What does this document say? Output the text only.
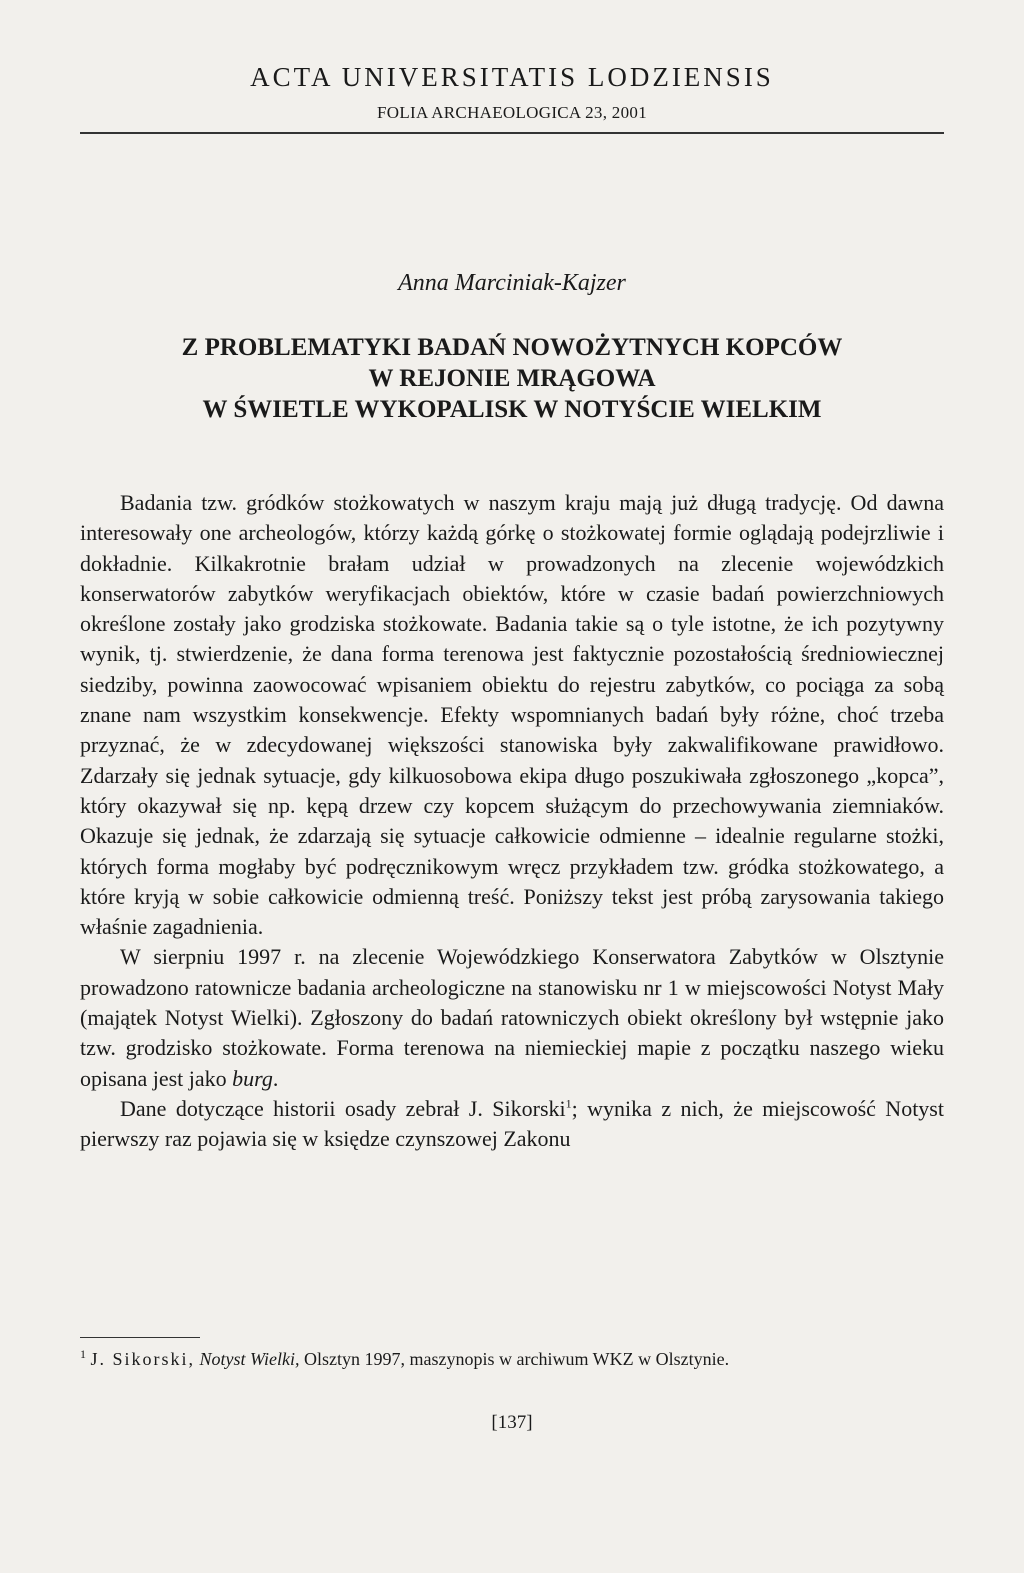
ACTA UNIVERSITATIS LODZIENSIS
FOLIA ARCHAEOLOGICA 23, 2001
Anna Marciniak-Kajzer
Z PROBLEMATYKI BADAŃ NOWOŻYTNYCH KOPCÓW
W REJONIE MRĄGOWA
W ŚWIETLE WYKOPALISK W NOTYŚCIE WIELKIM

Badania tzw. gródków stożkowatych w naszym kraju mają już długą tradycję. Od dawna interesowały one archeologów, którzy każdą górkę o stożkowatej formie oglądają podejrzliwie i dokładnie. Kilkakrotnie brałam udział w prowadzonych na zlecenie wojewódzkich konserwatorów zabytków weryfikacjach obiektów, które w czasie badań powierzchniowych określone zostały jako grodziska stożkowate. Badania takie są o tyle istotne, że ich pozytywny wynik, tj. stwierdzenie, że dana forma terenowa jest faktycznie pozostałością średniowiecznej siedziby, powinna zaowocować wpisaniem obiektu do rejestru zabytków, co pociąga za sobą znane nam wszystkim konsekwencje. Efekty wspomnianych badań były różne, choć trzeba przyznać, że w zdecydowanej większości stanowiska były zakwalifikowane prawidłowo. Zdarzały się jednak sytuacje, gdy kilkuosobowa ekipa długo poszukiwała zgłoszonego „kopca”, który okazywał się np. kępą drzew czy kopcem służącym do przechowywania ziemniaków. Okazuje się jednak, że zdarzają się sytuacje całkowicie odmienne – idealnie regularne stożki, których forma mogłaby być podręcznikowym wręcz przykładem tzw. gródka stożkowatego, a które kryją w sobie całkowicie odmienną treść. Poniższy tekst jest próbą zarysowania takiego właśnie zagadnienia.

W sierpniu 1997 r. na zlecenie Wojewódzkiego Konserwatora Zabytków w Olsztynie prowadzono ratownicze badania archeologiczne na stanowisku nr 1 w miejscowości Notyst Mały (majątek Notyst Wielki). Zgłoszony do badań ratowniczych obiekt określony był wstępnie jako tzw. grodzisko stożkowate. Forma terenowa na niemieckiej mapie z początku naszego wieku opisana jest jako burg.

Dane dotyczące historii osady zebrał J. Sikorski$^1$; wynika z nich, że miejscowość Notyst pierwszy raz pojawia się w księdze czynszowej Zakonu

$^1$ J. Sikorski, Notyst Wielki, Olsztyn 1997, maszynopis w archiwum WKZ w Olsztynie.
[137]
